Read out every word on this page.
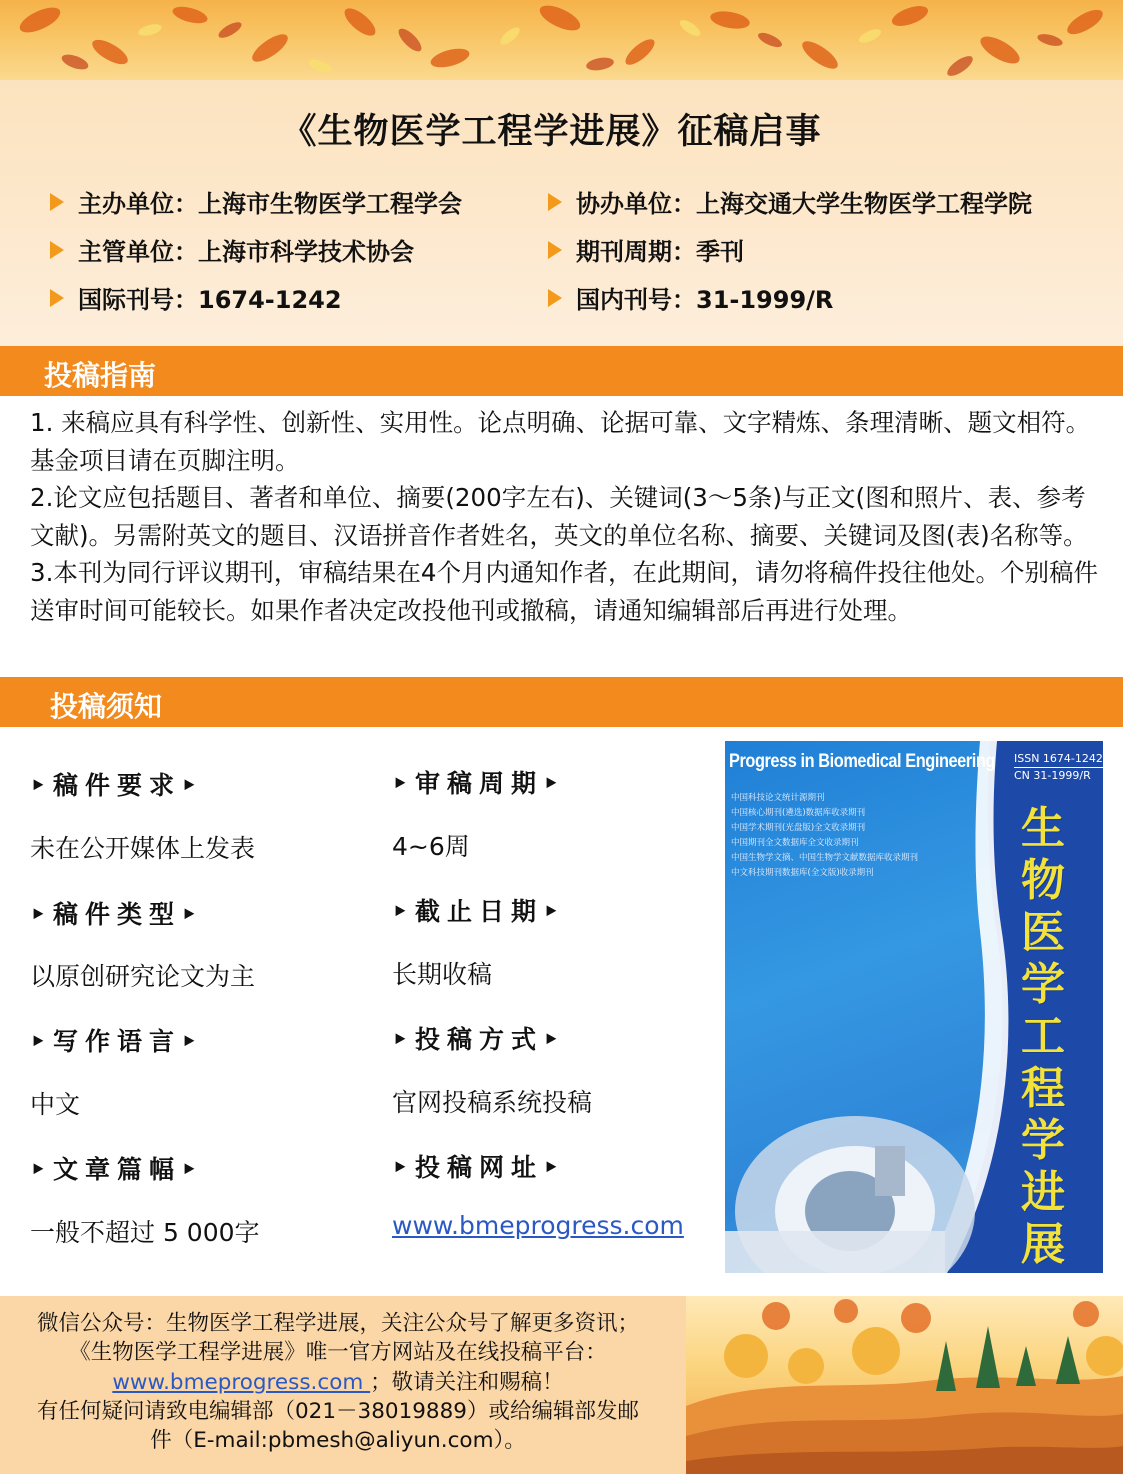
《生物医学工程学进展》征稿启事
主办单位：上海市生物医学工程学会	协办单位：上海交通大学生物医学工程学院
主管单位：上海市科学技术协会	期刊周期：季刊
国际刊号：1674-1242	国内刊号：31-1999/R
投稿指南

1. 来稿应具有科学性、创新性、实用性。论点明确、论据可靠、文字精炼、条理清晰、题文相符。基金项目请在页脚注明。

2.论文应包括题目、著者和单位、摘要(200字左右)、关键词(3～5条)与正文(图和照片、表、参考文献)。另需附英文的题目、汉语拼音作者姓名，英文的单位名称、摘要、关键词及图(表)名称等。

3.本刊为同行评议期刊，审稿结果在4个月内通知作者，在此期间，请勿将稿件投往他处。个别稿件送审时间可能较长。如果作者决定改投他刊或撤稿，请通知编辑部后再进行处理。

投稿须知
‣稿件要求‣	‣审稿周期‣
未在公开媒体上发表	4~6周
‣稿件类型‣	‣截止日期‣
以原创研究论文为主	长期收稿
‣写作语言‣	‣投稿方式‣
中文	官网投稿系统投稿
‣文章篇幅‣	‣投稿网址‣
一般不超过 5 000字	www.bmeprogress.com
Progress in Biomedical Engineering ISSN 1674-1242
CN 31-1999/R
中国科技论文统计源期刊
中国核心期刊(遴选)数据库收录期刊
中国学术期刊(光盘版)全文收录期刊
中国期刊全文数据库全文收录期刊
中国生物学文摘、中国生物学文献数据库收录期刊
中文科技期刊数据库(全文版)收录期刊
生
物
医
学
工
程
学
进
展

微信公众号：生物医学工程学进展，关注公众号了解更多资讯；

《生物医学工程学进展》唯一官方网站及在线投稿平台：

www.bmeprogress.com ；敬请关注和赐稿！

有任何疑问请致电编辑部（021－38019889）或给编辑部发邮

件（E-mail:pbmesh@aliyun.com）。
